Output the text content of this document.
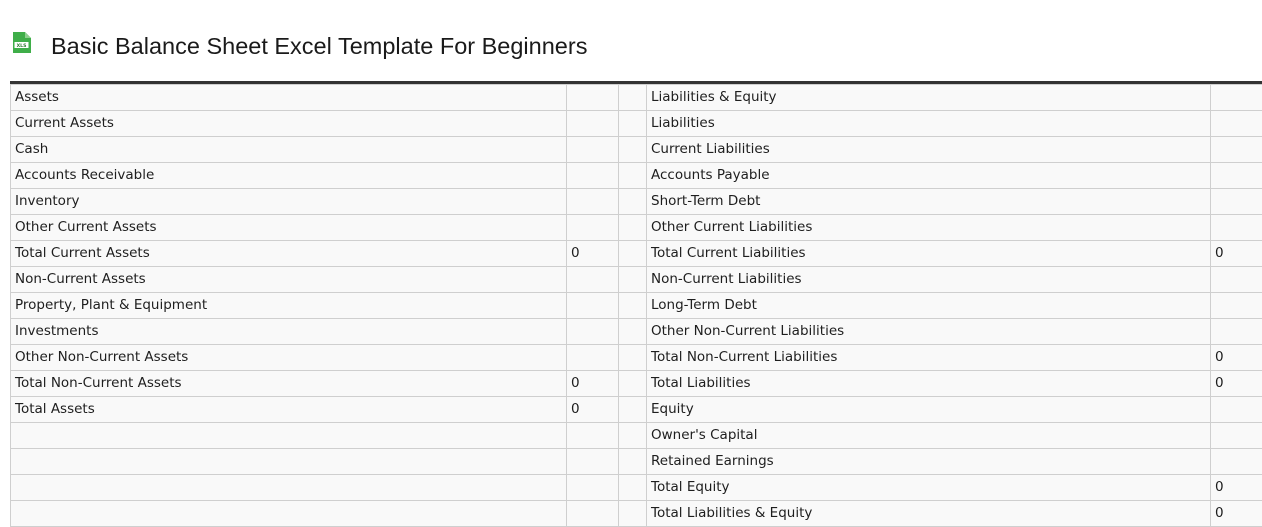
XLS Basic Balance Sheet Excel Template For Beginners
Assets			Liabilities & Equity	
Current Assets			Liabilities	
Cash			Current Liabilities	
Accounts Receivable			Accounts Payable	
Inventory			Short-Term Debt	
Other Current Assets			Other Current Liabilities	
Total Current Assets	0		Total Current Liabilities	0
Non-Current Assets			Non-Current Liabilities	
Property, Plant & Equipment			Long-Term Debt	
Investments			Other Non-Current Liabilities	
Other Non-Current Assets			Total Non-Current Liabilities	0
Total Non-Current Assets	0		Total Liabilities	0
Total Assets	0		Equity	
			Owner's Capital	
			Retained Earnings	
			Total Equity	0
			Total Liabilities & Equity	0
